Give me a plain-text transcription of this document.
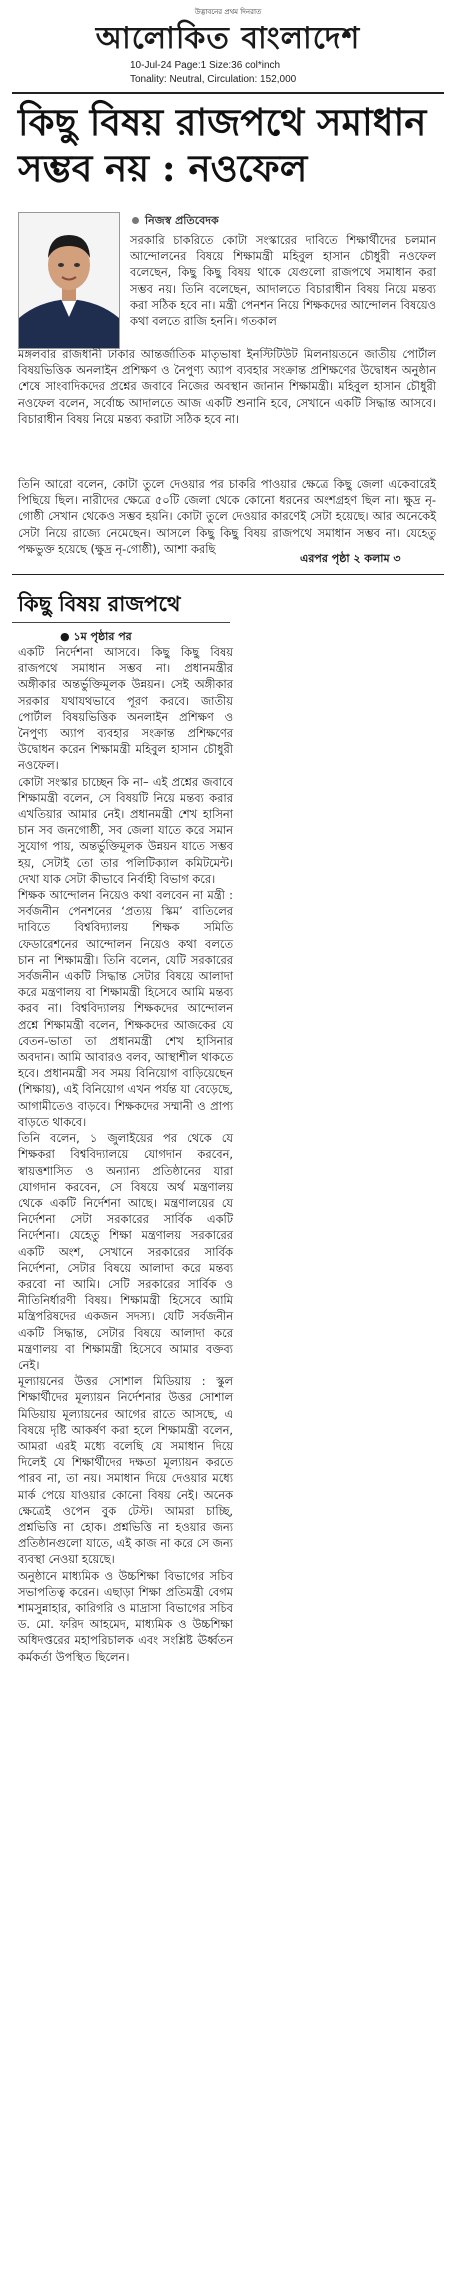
উদ্ভাবনের প্রথম দিনরাত
আলোকিত বাংলাদেশ
10-Jul-24 Page:1 Size:36 col*inch
Tonality: Neutral, Circulation: 152,000
কিছু বিষয় রাজপথে সমাধান
সম্ভব নয় : নওফেল
নিজস্ব প্রতিবেদক
সরকারি চাকরিতে কোটা সংস্কারের দাবিতে শিক্ষার্থীদের চলমান আন্দোলনের বিষয়ে শিক্ষামন্ত্রী মহিবুল হাসান চৌধুরী নওফেল বলেছেন, কিছু কিছু বিষয় থাকে যেগুলো রাজপথে সমাধান করা সম্ভব নয়। তিনি বলেছেন, আদালতে বিচারাধীন বিষয় নিয়ে মন্তব্য করা সঠিক হবে না। মন্ত্রী পেনশন নিয়ে শিক্ষকদের আন্দোলন বিষয়েও কথা বলতে রাজি হননি। গতকাল
মঙ্গলবার রাজধানী ঢাকার আন্তর্জাতিক মাতৃভাষা ইনস্টিটিউট মিলনায়তনে জাতীয় পোর্টাল বিষয়ভিত্তিক অনলাইন প্রশিক্ষণ ও নৈপুণ্য অ্যাপ ব্যবহার সংক্রান্ত প্রশিক্ষণের উদ্বোধন অনুষ্ঠান শেষে সাংবাদিকদের প্রশ্নের জবাবে নিজের অবস্থান জানান শিক্ষামন্ত্রী। মহিবুল হাসান চৌধুরী নওফেল বলেন, সর্বোচ্চ আদালতে আজ একটি শুনানি হবে, সেখানে একটি সিদ্ধান্ত আসবে। বিচারাধীন বিষয় নিয়ে মন্তব্য করাটা সঠিক হবে না।
তিনি আরো বলেন, কোটা তুলে দেওয়ার পর চাকরি পাওয়ার ক্ষেত্রে কিছু জেলা একেবারেই পিছিয়ে ছিল। নারীদের ক্ষেত্রে ৫০টি জেলা থেকে কোনো ধরনের অংশগ্রহণ ছিল না। ক্ষুদ্র নৃ-গোষ্ঠী সেখান থেকেও সম্ভব হয়নি। কোটা তুলে দেওয়ার কারণেই সেটা হয়েছে। আর অনেকেই সেটা নিয়ে রাজ্যে নেমেছেন। আসলে কিছু কিছু বিষয় রাজপথে সমাধান সম্ভব না। যেহেতু পক্ষভুক্ত হয়েছে (ক্ষুদ্র নৃ-গোষ্ঠী), আশা করছি
এরপর পৃষ্ঠা ২ কলাম ৩
কিছু বিষয় রাজপথে
● ১ম পৃষ্ঠার পর

একটি নির্দেশনা আসবে। কিছু কিছু বিষয় রাজপথে সমাধান সম্ভব না। প্রধানমন্ত্রীর অঙ্গীকার অন্তর্ভুক্তিমূলক উন্নয়ন। সেই অঙ্গীকার সরকার যথাযথভাবে পূরণ করবে। জাতীয় পোর্টাল বিষয়ভিত্তিক অনলাইন প্রশিক্ষণ ও নৈপুণ্য অ্যাপ ব্যবহার সংক্রান্ত প্রশিক্ষণের উদ্বোধন করেন শিক্ষামন্ত্রী মহিবুল হাসান চৌধুরী নওফেল।

কোটা সংস্কার চাচ্ছেন কি না– এই প্রশ্নের জবাবে শিক্ষামন্ত্রী বলেন, সে বিষয়টি নিয়ে মন্তব্য করার এখতিয়ার আমার নেই। প্রধানমন্ত্রী শেখ হাসিনা চান সব জনগোষ্ঠী, সব জেলা যাতে করে সমান সুযোগ পায়, অন্তর্ভুক্তিমূলক উন্নয়ন যাতে সম্ভব হয়, সেটাই তো তার পলিটিক্যাল কমিটমেন্ট। দেখা যাক সেটা কীভাবে নির্বাহী বিভাগ করে।

শিক্ষক আন্দোলন নিয়েও কথা বলবেন না মন্ত্রী : সর্বজনীন পেনশনের ‘প্রত্যয় স্কিম’ বাতিলের দাবিতে বিশ্ববিদ্যালয় শিক্ষক সমিতি ফেডারেশনের আন্দোলন নিয়েও কথা বলতে চান না শিক্ষামন্ত্রী। তিনি বলেন, যেটি সরকারের সর্বজনীন একটি সিদ্ধান্ত সেটার বিষয়ে আলাদা করে মন্ত্রণালয় বা শিক্ষামন্ত্রী হিসেবে আমি মন্তব্য করব না। বিশ্ববিদ্যালয় শিক্ষকদের আন্দোলন প্রশ্নে শিক্ষামন্ত্রী বলেন, শিক্ষকদের আজকের যে বেতন-ভাতা তা প্রধানমন্ত্রী শেখ হাসিনার অবদান। আমি আবারও বলব, আস্থাশীল থাকতে হবে। প্রধানমন্ত্রী সব সময় বিনিয়োগ বাড়িয়েছেন (শিক্ষায়), এই বিনিয়োগ এখন পর্যন্ত যা বেড়েছে, আগামীতেও বাড়বে। শিক্ষকদের সম্মানী ও প্রাপ্য বাড়তে থাকবে।

তিনি বলেন, ১ জুলাইয়ের পর থেকে যে শিক্ষকরা বিশ্ববিদ্যালয়ে যোগদান করবেন, স্বায়ত্তশাসিত ও অন্যান্য প্রতিষ্ঠানের যারা যোগদান করবেন, সে বিষয়ে অর্থ মন্ত্রণালয় থেকে একটি নির্দেশনা আছে। মন্ত্রণালয়ের যে নির্দেশনা সেটা সরকারের সার্বিক একটি নির্দেশনা। যেহেতু শিক্ষা মন্ত্রণালয় সরকারের একটি অংশ, সেখানে সরকারের সার্বিক নির্দেশনা, সেটার বিষয়ে আলাদা করে মন্তব্য করবো না আমি। সেটি সরকারের সার্বিক ও নীতিনির্ধারণী বিষয়। শিক্ষামন্ত্রী হিসেবে আমি মন্ত্রিপরিষদের একজন সদস্য। যেটি সর্বজনীন একটি সিদ্ধান্ত, সেটার বিষয়ে আলাদা করে মন্ত্রণালয় বা শিক্ষামন্ত্রী হিসেবে আমার বক্তব্য নেই।

মূল্যায়নের উত্তর সোশাল মিডিয়ায় : স্কুল শিক্ষার্থীদের মূল্যায়ন নির্দেশনার উত্তর সোশাল মিডিয়ায় মূল্যায়নের আগের রাতে আসছে, এ বিষয়ে দৃষ্টি আকর্ষণ করা হলে শিক্ষামন্ত্রী বলেন, আমরা এরই মধ্যে বলেছি যে সমাধান দিয়ে দিলেই যে শিক্ষার্থীদের দক্ষতা মূল্যায়ন করতে পারব না, তা নয়। সমাধান দিয়ে দেওয়ার মধ্যে মার্ক পেয়ে যাওয়ার কোনো বিষয় নেই। অনেক ক্ষেত্রেই ওপেন বুক টেস্ট। আমরা চাচ্ছি, প্রশ্নভিত্তি না হোক। প্রশ্নভিত্তি না হওয়ার জন্য প্রতিষ্ঠানগুলো যাতে, এই কাজ না করে সে জন্য ব্যবস্থা নেওয়া হয়েছে।

অনুষ্ঠানে মাধ্যমিক ও উচ্চশিক্ষা বিভাগের সচিব সভাপতিত্ব করেন। এছাড়া শিক্ষা প্রতিমন্ত্রী বেগম শামসুন্নাহার, কারিগরি ও মাদ্রাসা বিভাগের সচিব ড. মো. ফরিদ আহমেদ, মাধ্যমিক ও উচ্চশিক্ষা অধিদপ্তরের মহাপরিচালক এবং সংশ্লিষ্ট ঊর্ধ্বতন কর্মকর্তা উপস্থিত ছিলেন।
